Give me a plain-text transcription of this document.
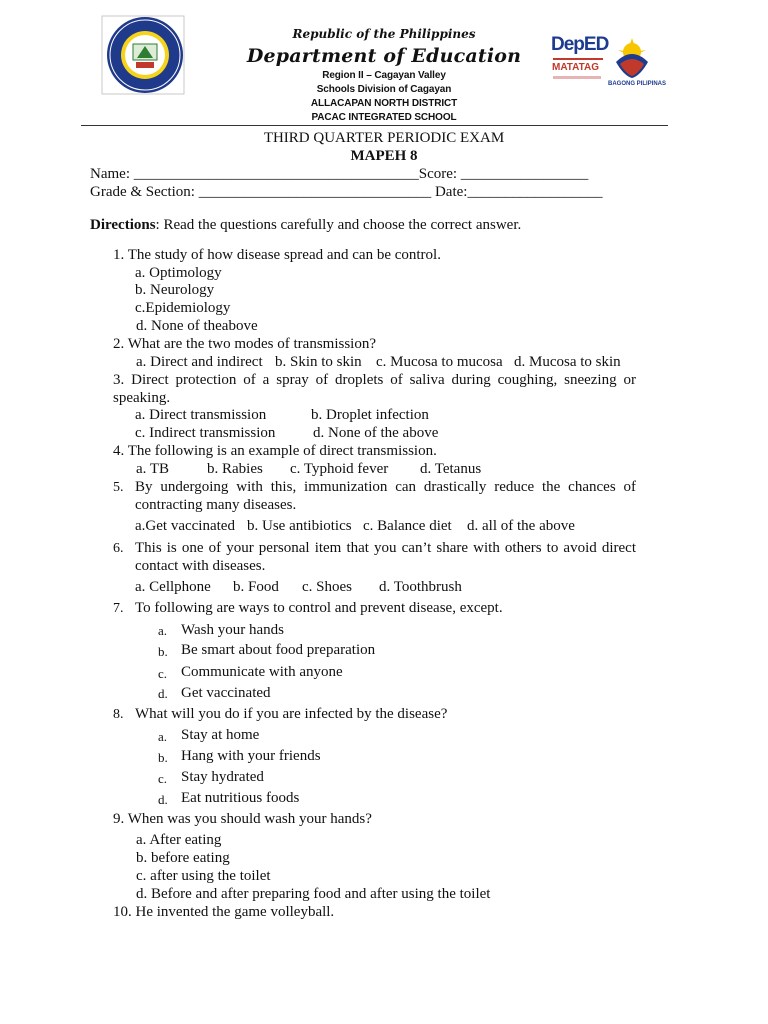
Republic of the Philippines
Department of Education
Region II – Cagayan Valley
Schools Division of Cagayan
ALLACAPAN NORTH DISTRICT
PACAC INTEGRATED SCHOOL
DepED
MATATAG
BAGONG PILIPINAS
THIRD QUARTER PERIODIC EXAM
MAPEH 8
Name: ______________________________________Score: _________________
Grade & Section: _______________________________ Date:__________________
Directions: Read the questions carefully and choose the correct answer.
1. The study of how disease spread and can be control.
a. Optimology
b. Neurology
c.Epidemiology
d. None of theabove
2. What are the two modes of transmission?
a. Direct and indirect b. Skin to skin c. Mucosa to mucosa d. Mucosa to skin
3. Direct protection of a spray of droplets of saliva during coughing, sneezing or speaking.
a. Direct transmission	b. Droplet infection
c. Indirect transmission	d. None of the above
4. The following is an example of direct transmission.
a. TB	b. Rabies c. Typhoid fever d. Tetanus
5. By undergoing with this, immunization can drastically reduce the chances of contracting many diseases.
a.Get vaccinated b. Use antibiotics c. Balance diet d. all of the above
6. This is one of your personal item that you can’t share with others to avoid direct contact with diseases.
a. Cellphone b. Food c. Shoes d. Toothbrush
7. To following are ways to control and prevent disease, except.
a. Wash your hands
b. Be smart about food preparation
c. Communicate with anyone
d. Get vaccinated
8. What will you do if you are infected by the disease?
a. Stay at home
b. Hang with your friends
c. Stay hydrated
d. Eat nutritious foods
9. When was you should wash your hands?
a. After eating
b. before eating
c. after using the toilet
d. Before and after preparing food and after using the toilet
10. He invented the game volleyball.
